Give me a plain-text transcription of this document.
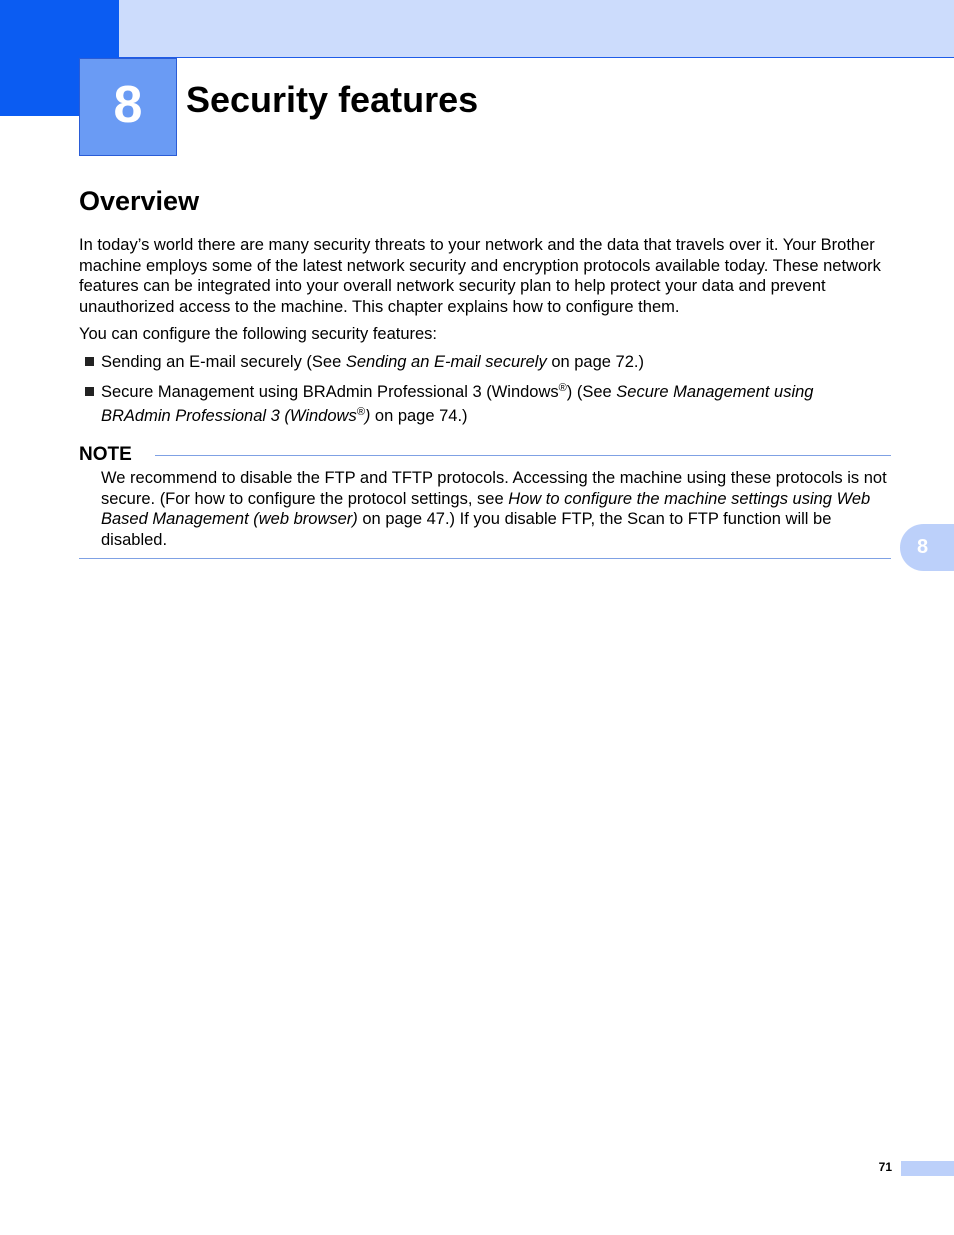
8 Security features
Overview

In today’s world there are many security threats to your network and the data that travels over it. Your Brother machine employs some of the latest network security and encryption protocols available today. These network features can be integrated into your overall network security plan to help protect your data and prevent unauthorized access to the machine. This chapter explains how to configure them.

You can configure the following security features:

Sending an E-mail securely (See Sending an E-mail securely on page 72.)
Secure Management using BRAdmin Professional 3 (Windows®) (See Secure Management using BRAdmin Professional 3 (Windows®) on page 74.)
NOTE

We recommend to disable the FTP and TFTP protocols. Accessing the machine using these protocols is not secure. (For how to configure the protocol settings, see How to configure the machine settings using Web Based Management (web browser) on page 47.) If you disable FTP, the Scan to FTP function will be disabled.	8
71
